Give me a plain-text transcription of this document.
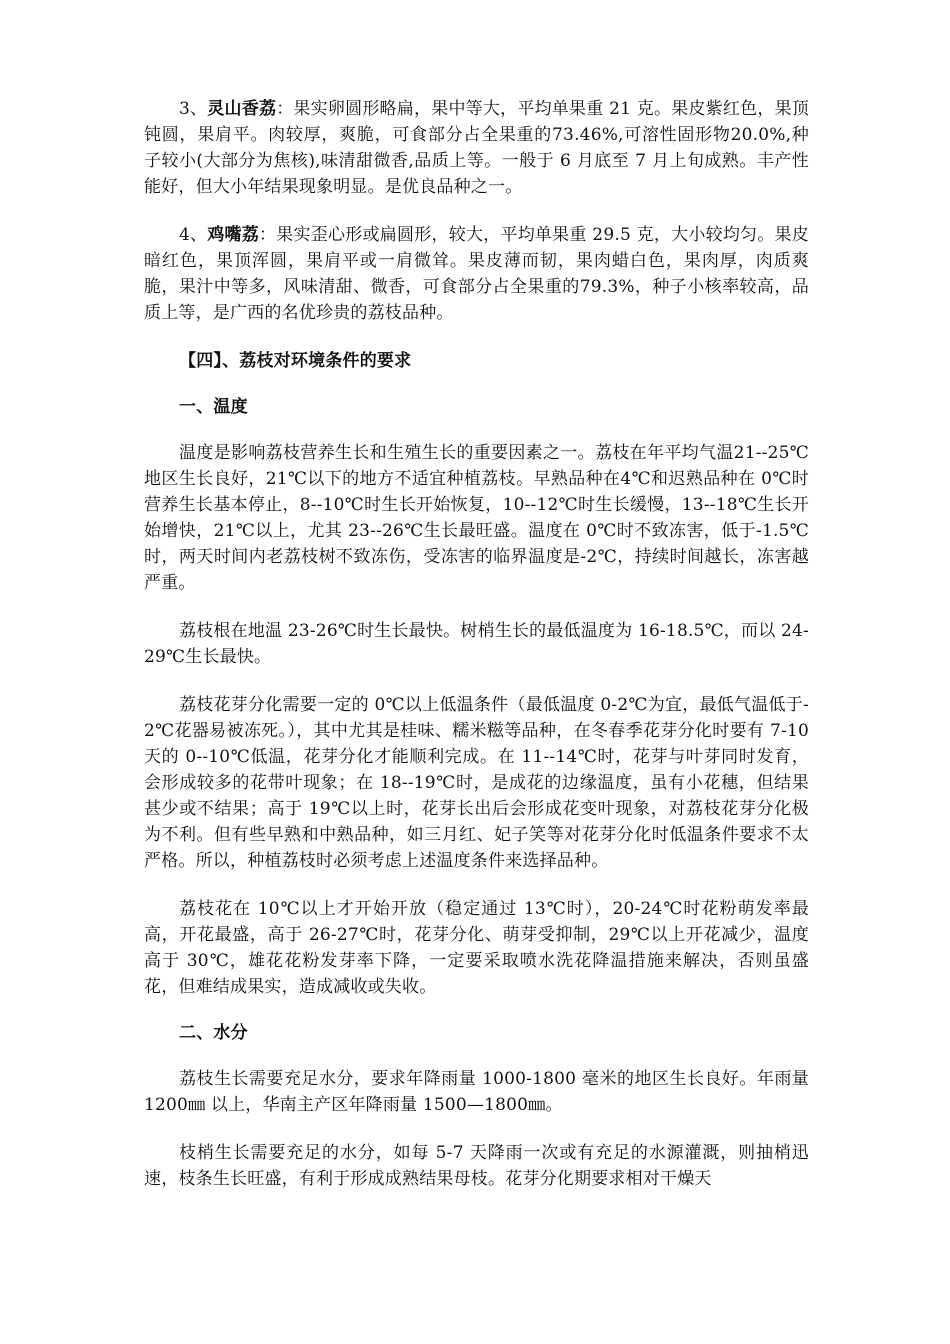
3、灵山香荔：果实卵圆形略扁，果中等大，平均单果重 21 克。果皮紫红色，果顶钝圆，果肩平。肉较厚，爽脆，可食部分占全果重的73.46%,可溶性固形物20.0%,种子较小(大部分为焦核),味清甜微香,品质上等。一般于 6 月底至 7 月上旬成熟。丰产性能好，但大小年结果现象明显。是优良品种之一。

4、鸡嘴荔：果实歪心形或扁圆形，较大，平均单果重 29.5 克，大小较均匀。果皮暗红色，果顶浑圆，果肩平或一肩微耸。果皮薄而韧，果肉蜡白色，果肉厚，肉质爽脆，果汁中等多，风味清甜、微香，可食部分占全果重的79.3%，种子小核率较高，品质上等，是广西的名优珍贵的荔枝品种。

【四】、荔枝对环境条件的要求

一、温度

温度是影响荔枝营养生长和生殖生长的重要因素之一。荔枝在年平均气温21--25℃地区生长良好，21℃以下的地方不适宜种植荔枝。早熟品种在4℃和迟熟品种在 0℃时营养生长基本停止，8--10℃时生长开始恢复，10--12℃时生长缓慢，13--18℃生长开始增快，21℃以上，尤其 23--26℃生长最旺盛。温度在 0℃时不致冻害，低于-1.5℃时，两天时间内老荔枝树不致冻伤，受冻害的临界温度是-2℃，持续时间越长，冻害越严重。

荔枝根在地温 23-26℃时生长最快。树梢生长的最低温度为 16-18.5℃，而以 24-29℃生长最快。

荔枝花芽分化需要一定的 0℃以上低温条件（最低温度 0-2℃为宜，最低气温低于-2℃花器易被冻死。），其中尤其是桂味、糯米糍等品种，在冬春季花芽分化时要有 7-10 天的 0--10℃低温，花芽分化才能顺利完成。在 11--14℃时，花芽与叶芽同时发育，会形成较多的花带叶现象；在 18--19℃时，是成花的边缘温度，虽有小花穗，但结果甚少或不结果；高于 19℃以上时，花芽长出后会形成花变叶现象，对荔枝花芽分化极为不利。但有些早熟和中熟品种，如三月红、妃子笑等对花芽分化时低温条件要求不太严格。所以，种植荔枝时必须考虑上述温度条件来选择品种。

荔枝花在 10℃以上才开始开放（稳定通过 13℃时），20-24℃时花粉萌发率最高，开花最盛，高于 26-27℃时，花芽分化、萌芽受抑制，29℃以上开花减少，温度高于 30℃，雄花花粉发芽率下降，一定要采取喷水洗花降温措施来解决，否则虽盛花，但难结成果实，造成减收或失收。

二、水分

荔枝生长需要充足水分，要求年降雨量 1000-1800 毫米的地区生长良好。年雨量 1200㎜ 以上，华南主产区年降雨量 1500—1800㎜。

枝梢生长需要充足的水分，如每 5-7 天降雨一次或有充足的水源灌溉，则抽梢迅速，枝条生长旺盛，有利于形成成熟结果母枝。花芽分化期要求相对干燥天
